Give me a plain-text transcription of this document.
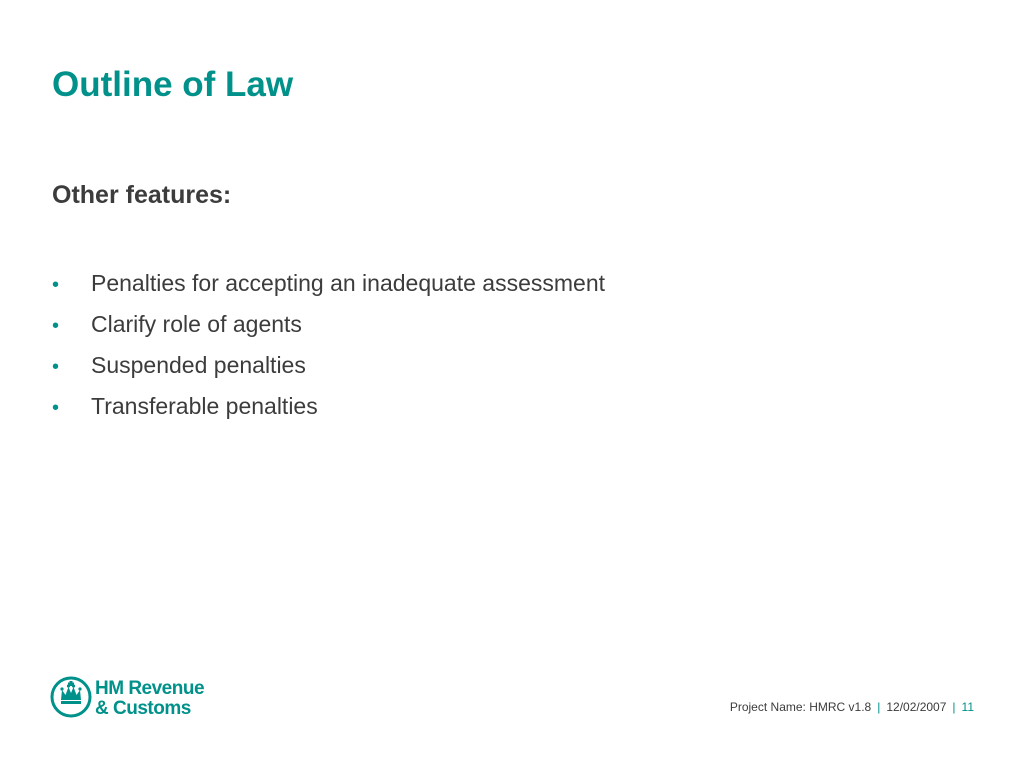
Outline of Law
Other features:
•	Penalties for accepting an inadequate assessment
•	Clarify role of agents
•	Suspended penalties
•	Transferable penalties
HM Revenue
& Customs	Project Name: HMRC v1.8 | 12/02/2007 | 11
